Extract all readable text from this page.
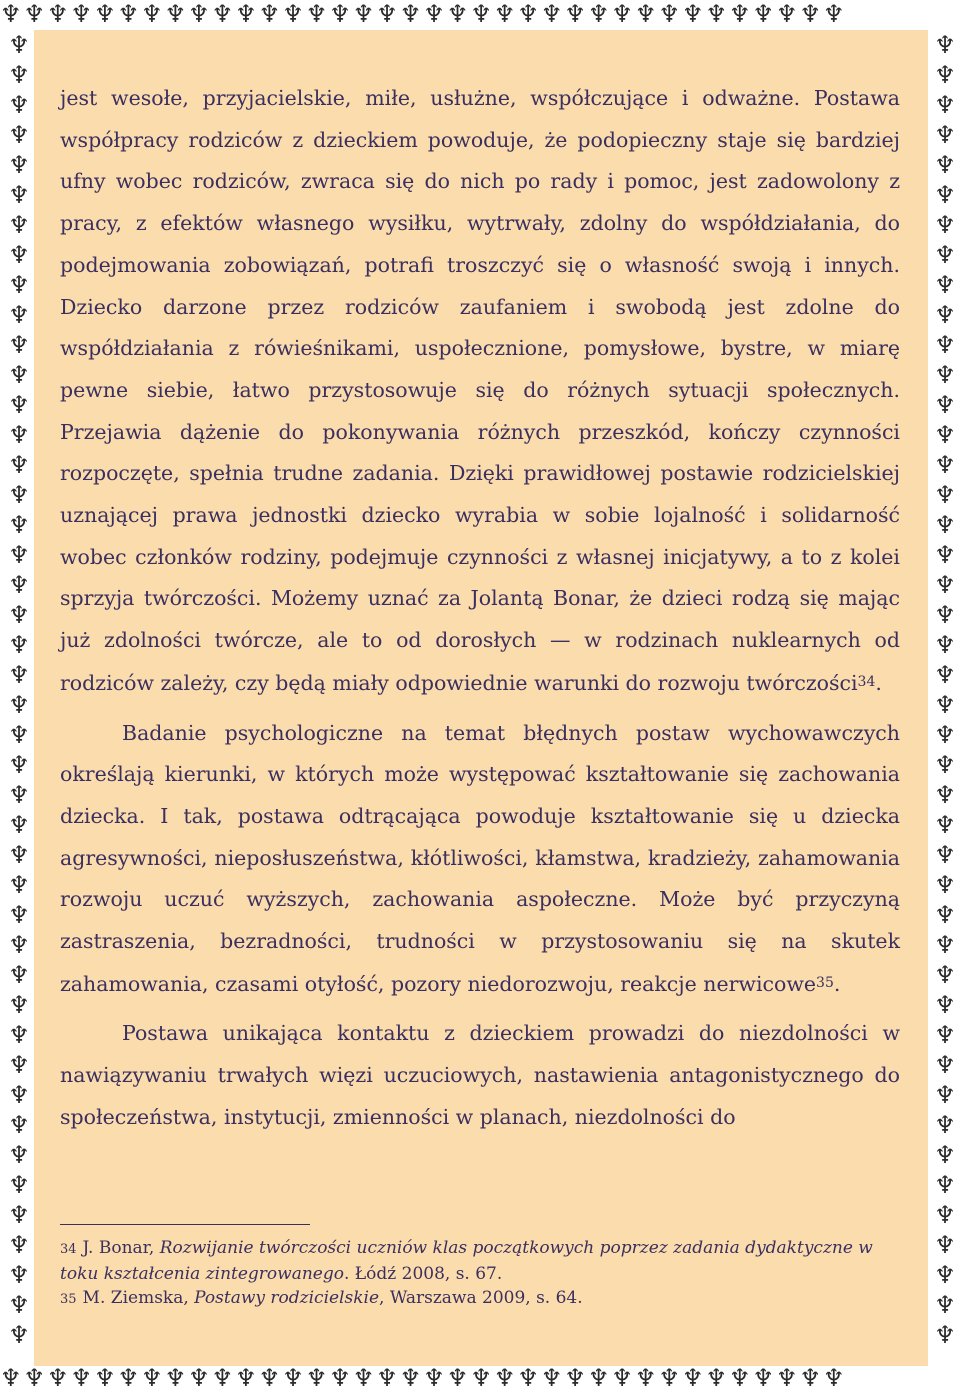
♆♆♆♆♆♆♆♆♆♆♆♆♆♆♆♆♆♆♆♆♆♆♆♆♆♆♆♆♆♆♆♆♆♆♆♆
♆♆♆♆♆♆♆♆♆♆♆♆♆♆♆♆♆♆♆♆♆♆♆♆♆♆♆♆♆♆♆♆♆♆♆♆
♆♆♆♆♆♆♆♆♆♆♆♆♆♆♆♆♆♆♆♆♆♆♆♆♆♆♆♆♆♆♆♆♆♆♆♆♆♆♆♆♆♆♆♆
♆♆♆♆♆♆♆♆♆♆♆♆♆♆♆♆♆♆♆♆♆♆♆♆♆♆♆♆♆♆♆♆♆♆♆♆♆♆♆♆♆♆♆♆

jest wesołe, przyjacielskie, miłe, usłużne, współczujące i odważne. Postawa współpracy rodziców z dzieckiem powoduje, że podopieczny staje się bardziej ufny wobec rodziców, zwraca się do nich po rady i pomoc, jest zadowolony z pracy, z efektów własnego wysiłku, wytrwały, zdolny do współdziałania, do podejmowania zobowiązań, potrafi troszczyć się o własność swoją i innych. Dziecko darzone przez rodziców zaufaniem i swobodą jest zdolne do współdziałania z rówieśnikami, uspołecznione, pomysłowe, bystre, w miarę pewne siebie, łatwo przystosowuje się do różnych sytuacji społecznych. Przejawia dążenie do pokonywania różnych przeszkód, kończy czynności rozpoczęte, spełnia trudne zadania. Dzięki prawidłowej postawie rodzicielskiej uznającej prawa jednostki dziecko wyrabia w sobie lojalność i solidarność wobec członków rodziny, podejmuje czynności z własnej inicjatywy, a to z kolei sprzyja twórczości. Możemy uznać za Jolantą Bonar, że dzieci rodzą się mając już zdolności twórcze, ale to od dorosłych — w rodzinach nuklearnych od rodziców zależy, czy będą miały odpowiednie warunki do rozwoju twórczości$^{34}$.

Badanie psychologiczne na temat błędnych postaw wychowawczych określają kierunki, w których może występować kształtowanie się zachowania dziecka. I tak, postawa odtrącająca powoduje kształtowanie się u dziecka agresywności, nieposłuszeństwa, kłótliwości, kłamstwa, kradzieży, zahamowania rozwoju uczuć wyższych, zachowania aspołeczne. Może być przyczyną zastraszenia, bezradności, trudności w przystosowaniu się na skutek zahamowania, czasami otyłość, pozory niedorozwoju, reakcje nerwicowe$^{35}$.

Postawa unikająca kontaktu z dzieckiem prowadzi do niezdolności w nawiązywaniu trwałych więzi uczuciowych, nastawienia antagonistycznego do społeczeństwa, instytucji, zmienności w planach, niezdolności do

34 J. Bonar, Rozwijanie twórczości uczniów klas początkowych poprzez zadania dydaktyczne w toku kształcenia zintegrowanego. Łódź 2008, s. 67.

35 M. Ziemska, Postawy rodzicielskie, Warszawa 2009, s. 64.
